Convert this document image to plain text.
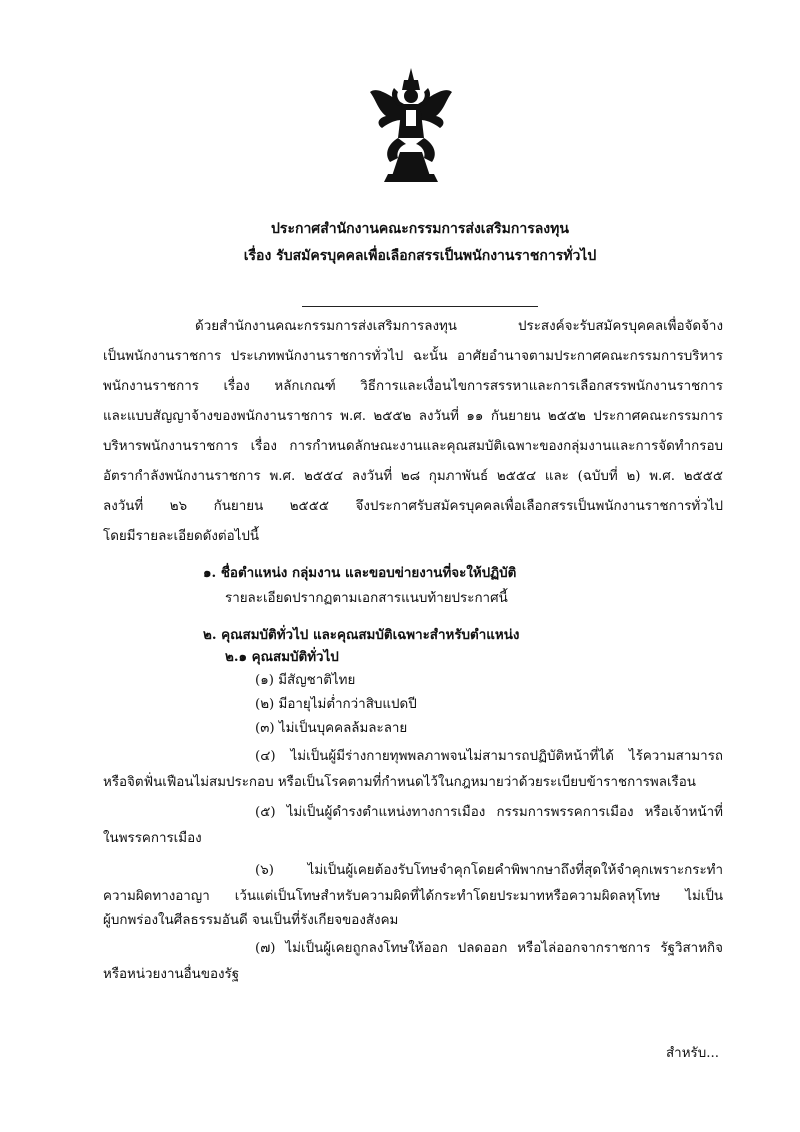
ประกาศสำนักงานคณะกรรมการส่งเสริมการลงทุน
เรื่อง รับสมัครบุคคลเพื่อเลือกสรรเป็นพนักงานราชการทั่วไป
ด้วยสำนักงานคณะกรรมการส่งเสริมการลงทุน ประสงค์จะรับสมัครบุคคลเพื่อจัดจ้าง
เป็นพนักงานราชการ ประเภทพนักงานราชการทั่วไป ฉะนั้น อาศัยอำนาจตามประกาศคณะกรรมการบริหาร
พนักงานราชการ เรื่อง หลักเกณฑ์ วิธีการและเงื่อนไขการสรรหาและการเลือกสรรพนักงานราชการ
และแบบสัญญาจ้างของพนักงานราชการ พ.ศ. ๒๕๕๒ ลงวันที่ ๑๑ กันยายน ๒๕๕๒ ประกาศคณะกรรมการ
บริหารพนักงานราชการ เรื่อง การกำหนดลักษณะงานและคุณสมบัติเฉพาะของกลุ่มงานและการจัดทำกรอบ
อัตรากำลังพนักงานราชการ พ.ศ. ๒๕๕๔ ลงวันที่ ๒๘ กุมภาพันธ์ ๒๕๕๔ และ (ฉบับที่ ๒) พ.ศ. ๒๕๕๕
ลงวันที่ ๒๖ กันยายน ๒๕๕๕ จึงประกาศรับสมัครบุคคลเพื่อเลือกสรรเป็นพนักงานราชการทั่วไป
โดยมีรายละเอียดดังต่อไปนี้
๑. ชื่อตำแหน่ง กลุ่มงาน และขอบข่ายงานที่จะให้ปฏิบัติ
รายละเอียดปรากฏตามเอกสารแนบท้ายประกาศนี้
๒. คุณสมบัติทั่วไป และคุณสมบัติเฉพาะสำหรับตำแหน่ง
๒.๑ คุณสมบัติทั่วไป
(๑) มีสัญชาติไทย
(๒) มีอายุไม่ต่ำกว่าสิบแปดปี
(๓) ไม่เป็นบุคคลล้มละลาย
(๔) ไม่เป็นผู้มีร่างกายทุพพลภาพจนไม่สามารถปฏิบัติหน้าที่ได้ ไร้ความสามารถ
หรือจิตฟั่นเฟือนไม่สมประกอบ หรือเป็นโรคตามที่กำหนดไว้ในกฎหมายว่าด้วยระเบียบข้าราชการพลเรือน
(๕) ไม่เป็นผู้ดำรงตำแหน่งทางการเมือง กรรมการพรรคการเมือง หรือเจ้าหน้าที่
ในพรรคการเมือง
(๖) ไม่เป็นผู้เคยต้องรับโทษจำคุกโดยคำพิพากษาถึงที่สุดให้จำคุกเพราะกระทำ
ความผิดทางอาญา เว้นแต่เป็นโทษสำหรับความผิดที่ได้กระทำโดยประมาทหรือความผิดลหุโทษ ไม่เป็น
ผู้บกพร่องในศีลธรรมอันดี จนเป็นที่รังเกียจของสังคม
(๗) ไม่เป็นผู้เคยถูกลงโทษให้ออก ปลดออก หรือไล่ออกจากราชการ รัฐวิสาหกิจ
หรือหน่วยงานอื่นของรัฐ
สำหรับ...
